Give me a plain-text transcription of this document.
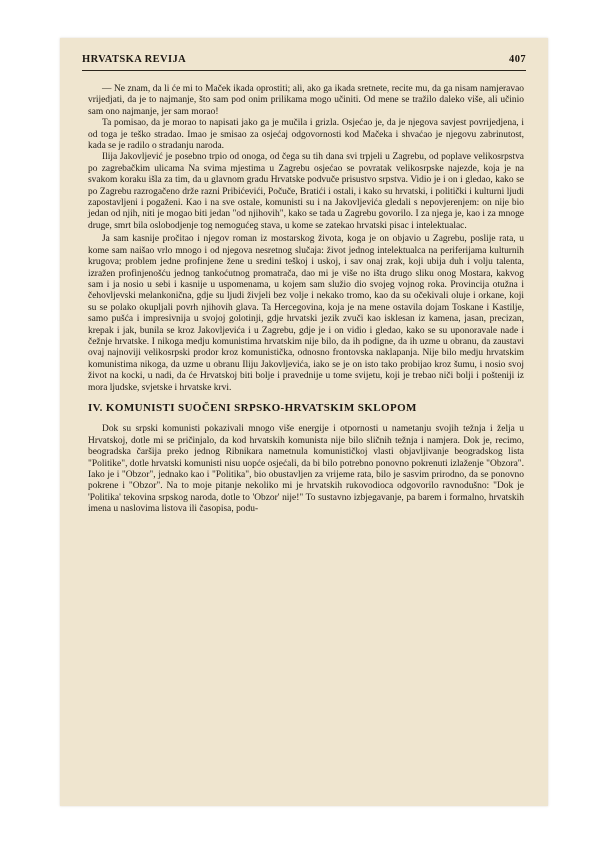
HRVATSKA REVIJA	407

— Ne znam, da li će mi to Maček ikada oprostiti; ali, ako ga ikada sretnete, recite mu, da ga nisam namjeravao vrijedjati, da je to najmanje, što sam pod onim prilikama mogo učiniti. Od mene se tražilo daleko više, ali učinio sam ono najmanje, jer sam morao!

Ta pomisao, da je morao to napisati jako ga je mučila i grizla. Osjećao je, da je njegova savjest povrijedjena, i od toga je teško stradao. Imao je smisao za osjećaj odgovornosti kod Mačeka i shvaćao je njegovu zabrinutost, kada se je radilo o stradanju naroda.

Ilija Jakovljević je posebno trpio od onoga, od čega su tih dana svi trpjeli u Zagrebu, od poplave velikosrpstva po zagrebačkim ulicama Na svima mjestima u Zagrebu osjećao se povratak velikosrpske najezde, koja je na svakom koraku išla za tim, da u glavnom gradu Hrvatske podvuče prisustvo srpstva. Vidio je i on i gledao, kako se po Zagrebu razrogačeno drže razni Pribićevići, Počuče, Bratići i ostali, i kako su hrvatski, i politički i kulturni ljudi zapostavljeni i pogaženi. Kao i na sve ostale, komunisti su i na Jakovljevića gledali s nepovjerenjem: on nije bio jedan od njih, niti je mogao biti jedan "od njihovih", kako se tada u Zagrebu govorilo. I za njega je, kao i za mnoge druge, smrt bila oslobodjenje tog nemogućeg stava, u kome se zatekao hrvatski pisac i intelektualac.

Ja sam kasnije pročitao i njegov roman iz mostarskog života, koga je on objavio u Zagrebu, poslije rata, u kome sam naišao vrlo mnogo i od njegova nesretnog slučaja: život jednog intelektualca na periferijama kulturnih krugova; problem jedne profinjene žene u sredini teškoj i uskoj, i sav onaj zrak, koji ubija duh i volju talenta, izražen profinjenošću jednog tankoćutnog promatrača, dao mi je više no išta drugo sliku onog Mostara, kakvog sam i ja nosio u sebi i kasnije u uspomenama, u kojem sam služio dio svojeg vojnog roka. Provincija otužna i čehovljevski melankonična, gdje su ljudi živjeli bez volje i nekako tromo, kao da su očekivali oluje i orkane, koji su se polako okupljali povrh njihovih glava. Ta Hercegovina, koja je na mene ostavila dojam Toskane i Kastilje, samo pušća i impresivnija u svojoj golotinji, gdje hrvatski jezik zvuči kao isklesan iz kamena, jasan, precizan, krepak i jak, bunila se kroz Jakovljevića i u Zagrebu, gdje je i on vidio i gledao, kako se su uponoravale nade i čežnje hrvatske. I nikoga medju komunistima hrvatskim nije bilo, da ih podigne, da ih uzme u obranu, da zaustavi ovaj najnoviji velikosrpski prodor kroz komunistička, odnosno frontovska naklapanja. Nije bilo medju hrvatskim komunistima nikoga, da uzme u obranu Iliju Jakovljevića, iako se je on isto tako probijao kroz šumu, i nosio svoj život na kocki, u nadi, da će Hrvatskoj biti bolje i pravednije u tome svijetu, koji je trebao niči bolji i pošteniji iz mora ljudske, svjetske i hrvatske krvi.

IV. KOMUNISTI SUOČENI SRPSKO-HRVATSKIM SKLOPOM

Dok su srpski komunisti pokazivali mnogo više energije i otpornosti u nametanju svojih težnja i želja u Hrvatskoj, dotle mi se pričinjalo, da kod hrvatskih komunista nije bilo sličnih težnja i namjera. Dok je, recimo, beogradska čaršija preko jednog Ribnikara nametnula komunističkoj vlasti objavljivanje beogradskog lista "Politike", dotle hrvatski komunisti nisu uopće osjećali, da bi bilo potrebno ponovno pokrenuti izlaženje "Obzora". Iako je i "Obzor", jednako kao i "Politika", bio obustavljen za vrijeme rata, bilo je sasvim prirodno, da se ponovno pokrene i "Obzor". Na to moje pitanje nekoliko mi je hrvatskih rukovodioca odgovorilo ravnodušno: "Dok je 'Politika' tekovina srpskog naroda, dotle to 'Obzor' nije!" To sustavno izbjegavanje, pa barem i formalno, hrvatskih imena u naslovima listova ili časopisa, podu-
